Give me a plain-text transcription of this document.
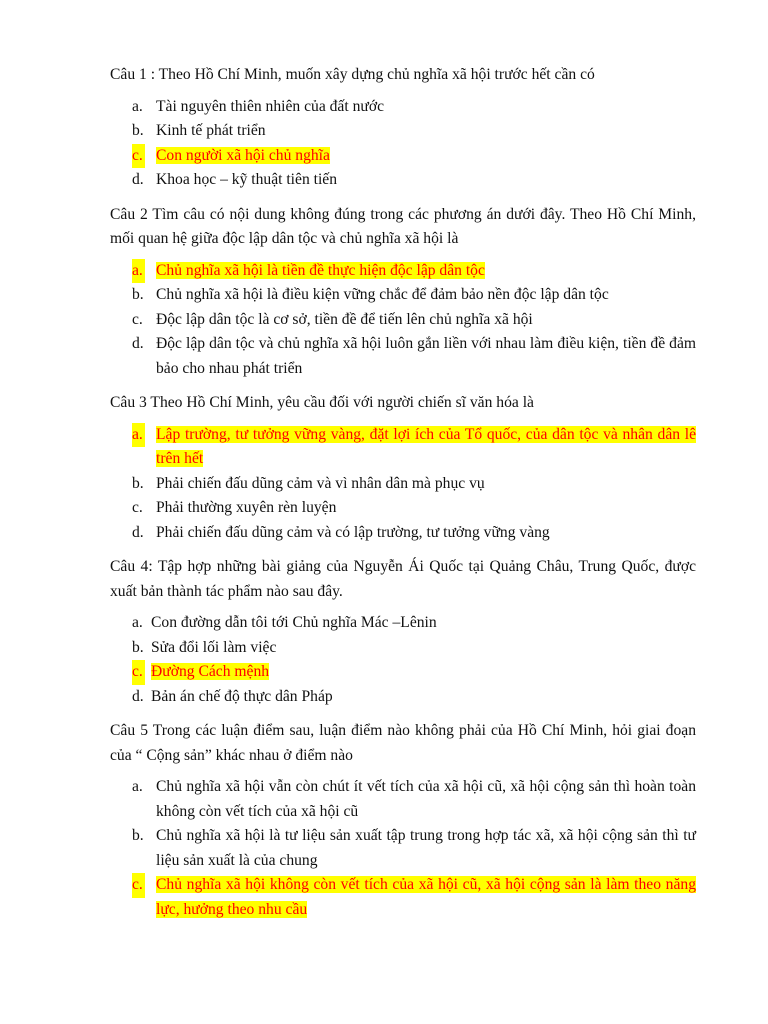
Câu 1 : Theo Hồ Chí Minh, muốn xây dựng chủ nghĩa xã hội trước hết cần có

a. Tài nguyên thiên nhiên của đất nước
b. Kinh tế phát triển
c. Con người xã hội chủ nghĩa
d. Khoa học – kỹ thuật tiên tiến

Câu 2 Tìm câu có nội dung không đúng trong các phương án dưới đây. Theo Hồ Chí Minh, mối quan hệ giữa độc lập dân tộc và chủ nghĩa xã hội là

a. Chủ nghĩa xã hội là tiền đề thực hiện độc lập dân tộc
b. Chủ nghĩa xã hội là điều kiện vững chắc để đảm bảo nền độc lập dân tộc
c. Độc lập dân tộc là cơ sở, tiền đề để tiến lên chủ nghĩa xã hội
d. Độc lập dân tộc và chủ nghĩa xã hội luôn gắn liền với nhau làm điều kiện, tiền đề đảm bảo cho nhau phát triển

Câu 3 Theo Hồ Chí Minh, yêu cầu đối với người chiến sĩ văn hóa là

a. Lập trường, tư tưởng vững vàng, đặt lợi ích của Tổ quốc, của dân tộc và nhân dân lê trên hết
b. Phải chiến đấu dũng cảm và vì nhân dân mà phục vụ
c. Phải thường xuyên rèn luyện
d. Phải chiến đấu dũng cảm và có lập trường, tư tưởng vững vàng

Câu 4: Tập hợp những bài giảng của Nguyễn Ái Quốc tại Quảng Châu, Trung Quốc, được xuất bản thành tác phẩm nào sau đây.

a. Con đường dẫn tôi tới Chủ nghĩa Mác –Lênin
b. Sửa đổi lối làm việc
c. Đường Cách mệnh
d. Bản án chế độ thực dân Pháp

Câu 5 Trong các luận điểm sau, luận điểm nào không phải của Hồ Chí Minh, hỏi giai đoạn của “ Cộng sản” khác nhau ở điểm nào

a. Chủ nghĩa xã hội vẫn còn chút ít vết tích của xã hội cũ, xã hội cộng sản thì hoàn toàn không còn vết tích của xã hội cũ
b. Chủ nghĩa xã hội là tư liệu sản xuất tập trung trong hợp tác xã, xã hội cộng sản thì tư liệu sản xuất là của chung
c. Chủ nghĩa xã hội không còn vết tích của xã hội cũ, xã hội cộng sản là làm theo năng lực, hưởng theo nhu cầu
